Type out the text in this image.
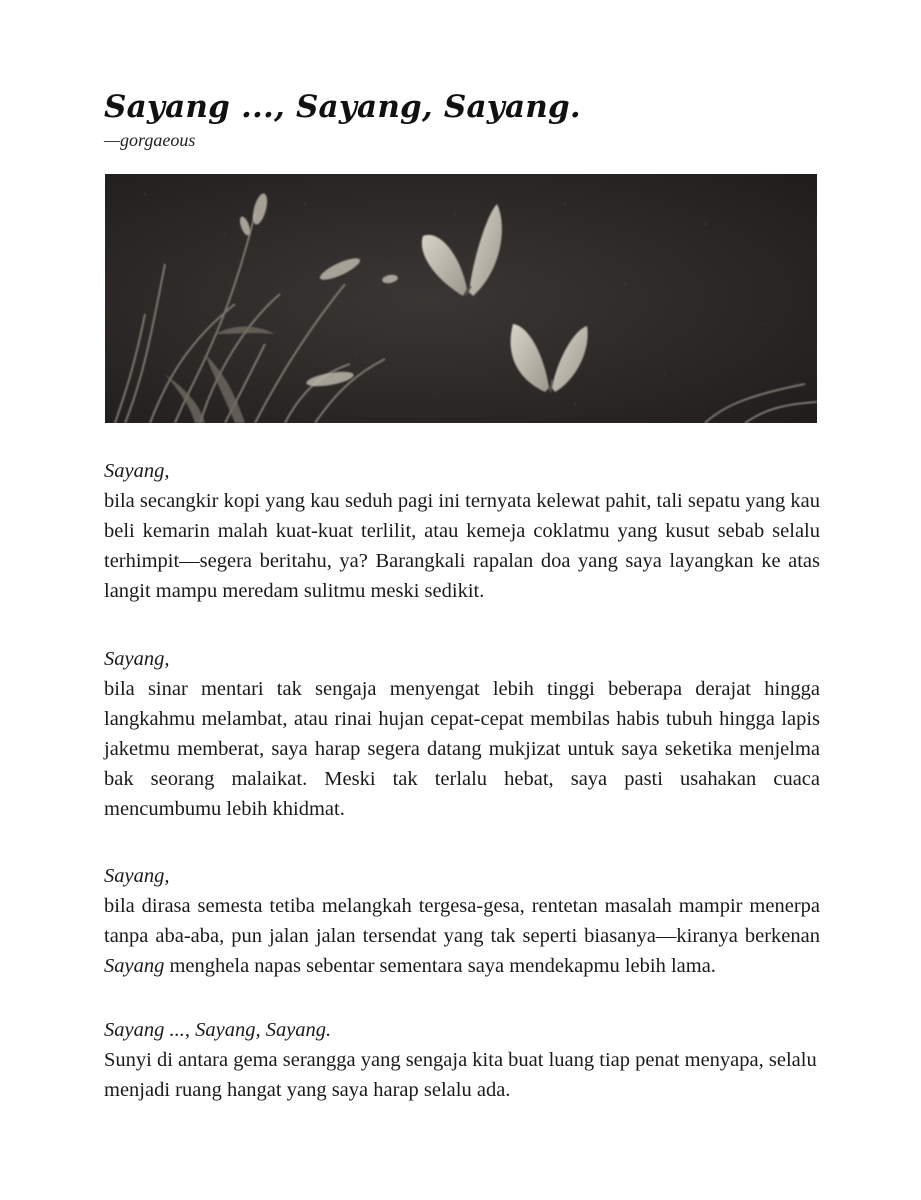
Sayang ..., Sayang, Sayang.
—gorgaeous
Sayang,

bila secangkir kopi yang kau seduh pagi ini ternyata kelewat pahit, tali sepatu yang kau beli kemarin malah kuat-kuat terlilit, atau kemeja coklatmu yang kusut sebab selalu terhimpit—segera beritahu, ya? Barangkali rapalan doa yang saya layangkan ke atas langit mampu meredam sulitmu meski sedikit.

Sayang,

bila sinar mentari tak sengaja menyengat lebih tinggi beberapa derajat hingga langkahmu melambat, atau rinai hujan cepat-cepat membilas habis tubuh hingga lapis jaketmu memberat, saya harap segera datang mukjizat untuk saya seketika menjelma bak seorang malaikat. Meski tak terlalu hebat, saya pasti usahakan cuaca mencumbumu lebih khidmat.

Sayang,

bila dirasa semesta tetiba melangkah tergesa-gesa, rentetan masalah mampir menerpa tanpa aba-aba, pun jalan jalan tersendat yang tak seperti biasanya—kiranya berkenan Sayang menghela napas sebentar sementara saya mendekapmu lebih lama.

Sayang ..., Sayang, Sayang.

Sunyi di antara gema serangga yang sengaja kita buat luang tiap penat menyapa, selalu menjadi ruang hangat yang saya harap selalu ada.
